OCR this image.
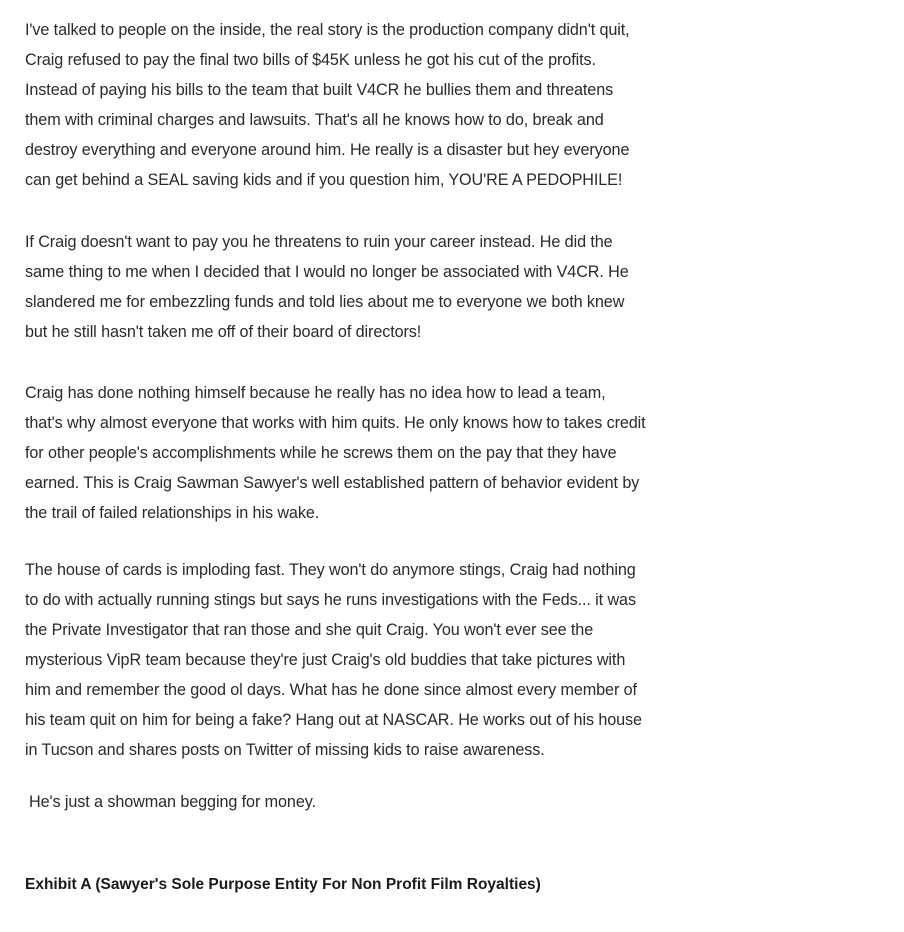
I've talked to people on the inside, the real story is the production company didn't quit,
Craig refused to pay the final two bills of $45K unless he got his cut of the profits.
Instead of paying his bills to the team that built V4CR he bullies them and threatens
them with criminal charges and lawsuits. That's all he knows how to do, break and
destroy everything and everyone around him. He really is a disaster but hey everyone
can get behind a SEAL saving kids and if you question him, YOU'RE A PEDOPHILE!

If Craig doesn't want to pay you he threatens to ruin your career instead. He did the
same thing to me when I decided that I would no longer be associated with V4CR. He
slandered me for embezzling funds and told lies about me to everyone we both knew
but he still hasn't taken me off of their board of directors!

Craig has done nothing himself because he really has no idea how to lead a team,
that's why almost everyone that works with him quits. He only knows how to takes credit
for other people's accomplishments while he screws them on the pay that they have
earned. This is Craig Sawman Sawyer's well established pattern of behavior evident by
the trail of failed relationships in his wake.

The house of cards is imploding fast. They won't do anymore stings, Craig had nothing
to do with actually running stings but says he runs investigations with the Feds... it was
the Private Investigator that ran those and she quit Craig. You won't ever see the
mysterious VipR team because they're just Craig's old buddies that take pictures with
him and remember the good ol days. What has he done since almost every member of
his team quit on him for being a fake? Hang out at NASCAR. He works out of his house
in Tucson and shares posts on Twitter of missing kids to raise awareness.

He's just a showman begging for money.

Exhibit A (Sawyer's Sole Purpose Entity For Non Profit Film Royalties)
